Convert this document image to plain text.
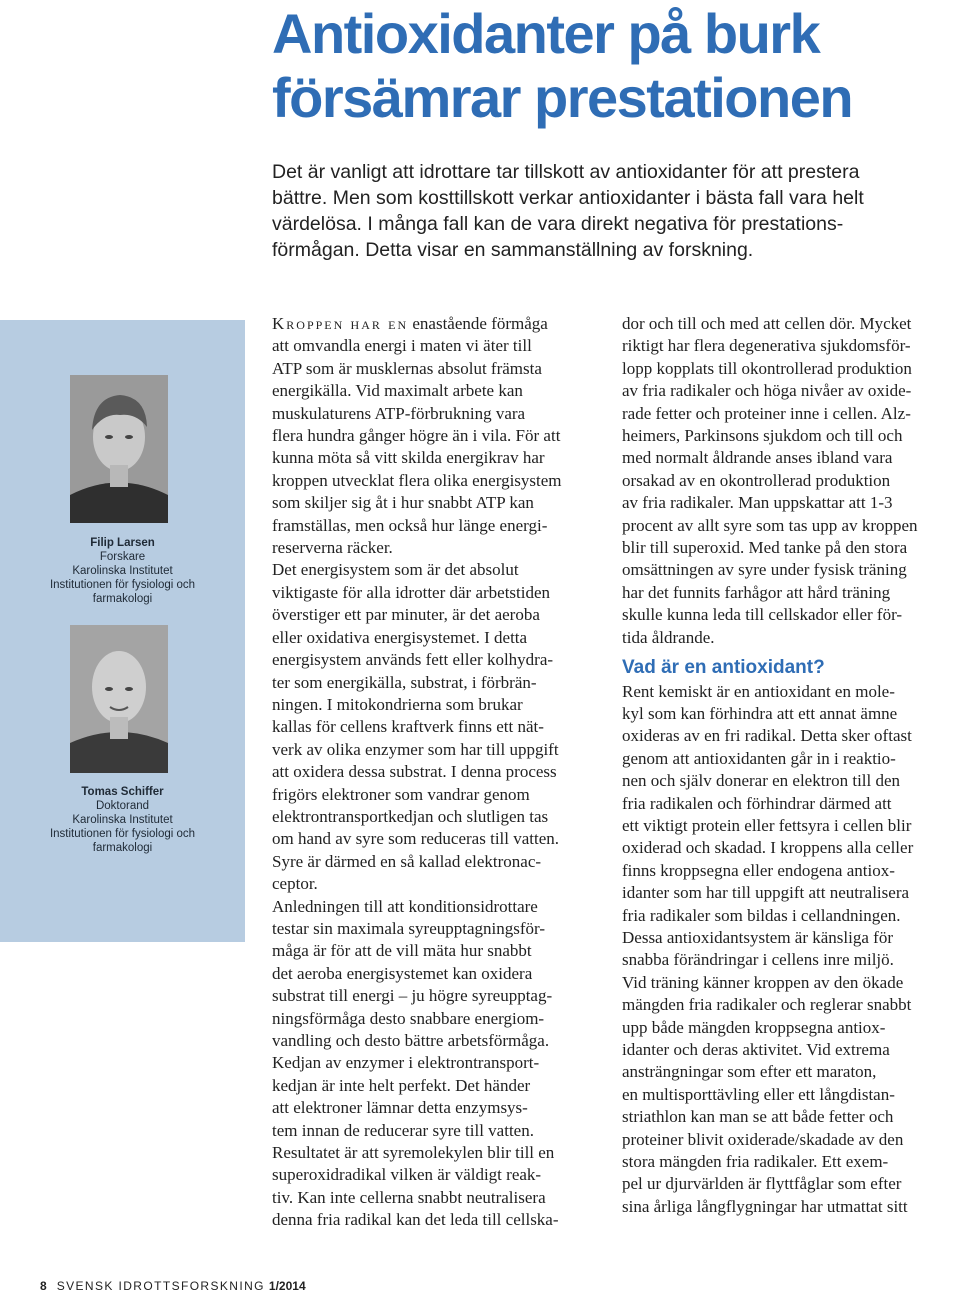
Antioxidanter på burk
försämrar prestationen
Det är vanligt att idrottare tar tillskott av antioxidanter för att prestera
bättre. Men som kosttillskott verkar antioxidanter i bästa fall vara helt
värdelösa. I många fall kan de vara direkt negativa för prestations-
förmågan. Detta visar en sammanställning av forskning.
Filip Larsen
Forskare
Karolinska Institutet
Institutionen för fysiologi och
farmakologi
Tomas Schiffer
Doktorand
Karolinska Institutet
Institutionen för fysiologi och
farmakologi
Kroppen har en enastående förmåga
att omvandla energi i maten vi äter till
ATP som är musklernas absolut främsta
energikälla. Vid maximalt arbete kan
muskulaturens ATP-förbrukning vara
flera hundra gånger högre än i vila. För att
kunna möta så vitt skilda energikrav har
kroppen utvecklat flera olika energisystem
som skiljer sig åt i hur snabbt ATP kan
framställas, men också hur länge energi-
reserverna räcker.
Det energisystem som är det absolut
viktigaste för alla idrotter där arbetstiden
överstiger ett par minuter, är det aeroba
eller oxidativa energisystemet. I detta
energisystem används fett eller kolhydra-
ter som energikälla, substrat, i förbrän-
ningen. I mitokondrierna som brukar
kallas för cellens kraftverk finns ett nät-
verk av olika enzymer som har till uppgift
att oxidera dessa substrat. I denna process
frigörs elektroner som vandrar genom
elektrontransportkedjan och slutligen tas
om hand av syre som reduceras till vatten.
Syre är därmed en så kallad elektronac-
ceptor.
Anledningen till att konditionsidrottare
testar sin maximala syreupptagningsför-
måga är för att de vill mäta hur snabbt
det aeroba energisystemet kan oxidera
substrat till energi – ju högre syreupptag-
ningsförmåga desto snabbare energiom-
vandling och desto bättre arbetsförmåga.
Kedjan av enzymer i elektrontransport-
kedjan är inte helt perfekt. Det händer
att elektroner lämnar detta enzymsys-
tem innan de reducerar syre till vatten.
Resultatet är att syremolekylen blir till en
superoxidradikal vilken är väldigt reak-
tiv. Kan inte cellerna snabbt neutralisera
denna fria radikal kan det leda till cellska-
dor och till och med att cellen dör. Mycket
riktigt har flera degenerativa sjukdomsför-
lopp kopplats till okontrollerad produktion
av fria radikaler och höga nivåer av oxide-
rade fetter och proteiner inne i cellen. Alz-
heimers, Parkinsons sjukdom och till och
med normalt åldrande anses ibland vara
orsakad av en okontrollerad produktion
av fria radikaler. Man uppskattar att 1-3
procent av allt syre som tas upp av kroppen
blir till superoxid. Med tanke på den stora
omsättningen av syre under fysisk träning
har det funnits farhågor att hård träning
skulle kunna leda till cellskador eller för-
tida åldrande.
Vad är en antioxidant?
Rent kemiskt är en antioxidant en mole-
kyl som kan förhindra att ett annat ämne
oxideras av en fri radikal. Detta sker oftast
genom att antioxidanten går in i reaktio-
nen och själv donerar en elektron till den
fria radikalen och förhindrar därmed att
ett viktigt protein eller fettsyra i cellen blir
oxiderad och skadad. I kroppens alla celler
finns kroppsegna eller endogena antiox-
idanter som har till uppgift att neutralisera
fria radikaler som bildas i cellandningen.
Dessa antioxidantsystem är känsliga för
snabba förändringar i cellens inre miljö.
Vid träning känner kroppen av den ökade
mängden fria radikaler och reglerar snabbt
upp både mängden kroppsegna antiox-
idanter och deras aktivitet. Vid extrema
ansträngningar som efter ett maraton,
en multisporttävling eller ett långdistan-
striathlon kan man se att både fetter och
proteiner blivit oxiderade/skadade av den
stora mängden fria radikaler. Ett exem-
pel ur djurvärlden är flyttfåglar som efter
sina årliga långflygningar har utmattat sitt
8 SVENSK IDROTTSFORSKNING 1/2014
